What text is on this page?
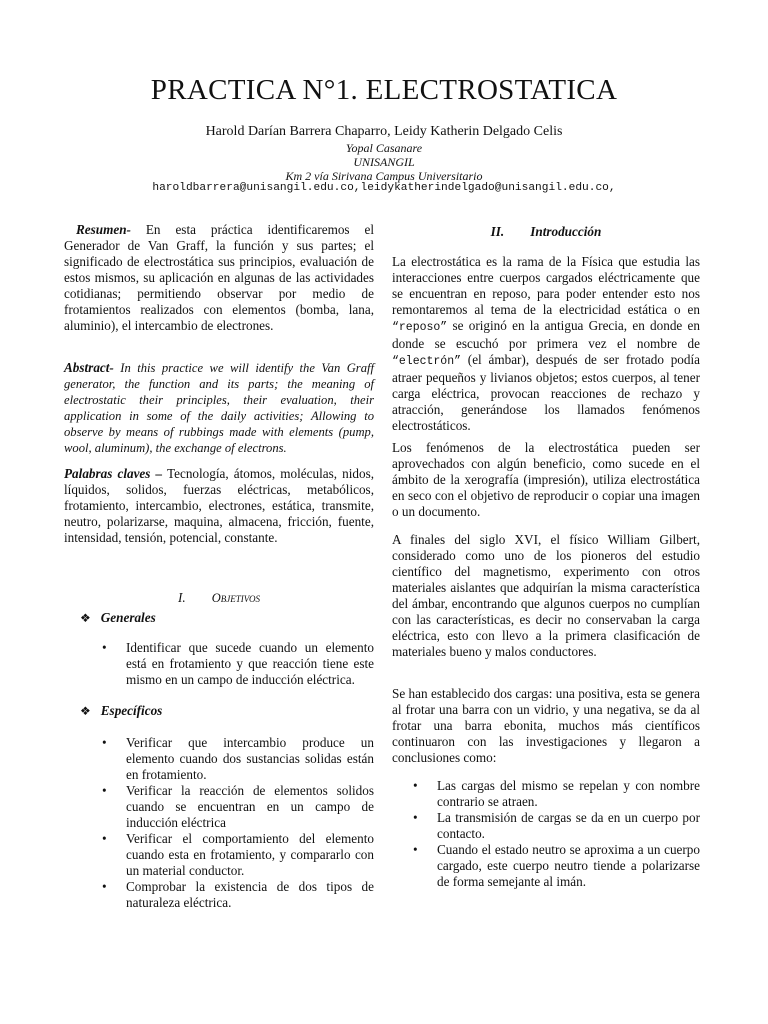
PRACTICA N°1. ELECTROSTATICA
Harold Darían Barrera Chaparro, Leidy Katherin Delgado Celis
Yopal Casanare
UNISANGIL
Km 2 vía Sirivana Campus Universitario
haroldbarrera@unisangil.edu.co,leidykatherindelgado@unisangil.edu.co,

Resumen- En esta práctica identificaremos el Generador de Van Graff, la función y sus partes; el significado de electrostática sus principios, evaluación de estos mismos, su aplicación en algunas de las actividades cotidianas; permitiendo observar por medio de frotamientos realizados con elementos (bomba, lana, aluminio), el intercambio de electrones.

Abstract- In this practice we will identify the Van Graff generator, the function and its parts; the meaning of electrostatic their principles, their evaluation, their application in some of the daily activities; Allowing to observe by means of rubbings made with elements (pump, wool, aluminum), the exchange of electrons.

Palabras claves – Tecnología, átomos, moléculas, nidos, líquidos, solidos, fuerzas eléctricas, metabólicos, frotamiento, intercambio, electrones, estática, transmite, neutro, polarizarse, maquina, almacena, fricción, fuente, intensidad, tensión, potencial, constante.

I. Objetivos
❖ Generales
• Identificar que sucede cuando un elemento está en frotamiento y que reacción tiene este mismo en un campo de inducción eléctrica.
❖ Específicos
• Verificar que intercambio produce un elemento cuando dos sustancias solidas están en frotamiento.
• Verificar la reacción de elementos solidos cuando se encuentran en un campo de inducción eléctrica
• Verificar el comportamiento del elemento cuando esta en frotamiento, y compararlo con un material conductor.
• Comprobar la existencia de dos tipos de naturaleza eléctrica.
II. Introducción

La electrostática es la rama de la Física que estudia las interacciones entre cuerpos cargados eléctricamente que se encuentran en reposo, para poder entender esto nos remontaremos al tema de la electricidad estática o en “reposo” se originó en la antigua Grecia, en donde en donde se escuchó por primera vez el nombre de “electrón” (el ámbar), después de ser frotado podía atraer pequeños y livianos objetos; estos cuerpos, al tener carga eléctrica, provocan reacciones de rechazo y atracción, generándose los llamados fenómenos electrostáticos.

Los fenómenos de la electrostática pueden ser aprovechados con algún beneficio, como sucede en el ámbito de la xerografía (impresión), utiliza electrostática en seco con el objetivo de reproducir o copiar una imagen o un documento.

A finales del siglo XVI, el físico William Gilbert, considerado como uno de los pioneros del estudio científico del magnetismo, experimento con otros materiales aislantes que adquirían la misma característica del ámbar, encontrando que algunos cuerpos no cumplían con las características, es decir no conservaban la carga eléctrica, esto con llevo a la primera clasificación de materiales bueno y malos conductores.

Se han establecido dos cargas: una positiva, esta se genera al frotar una barra con un vidrio, y una negativa, se da al frotar una barra ebonita, muchos más científicos continuaron con las investigaciones y llegaron a conclusiones como:

• Las cargas del mismo se repelan y con nombre contrario se atraen.
• La transmisión de cargas se da en un cuerpo por contacto.
• Cuando el estado neutro se aproxima a un cuerpo cargado, este cuerpo neutro tiende a polarizarse de forma semejante al imán.
